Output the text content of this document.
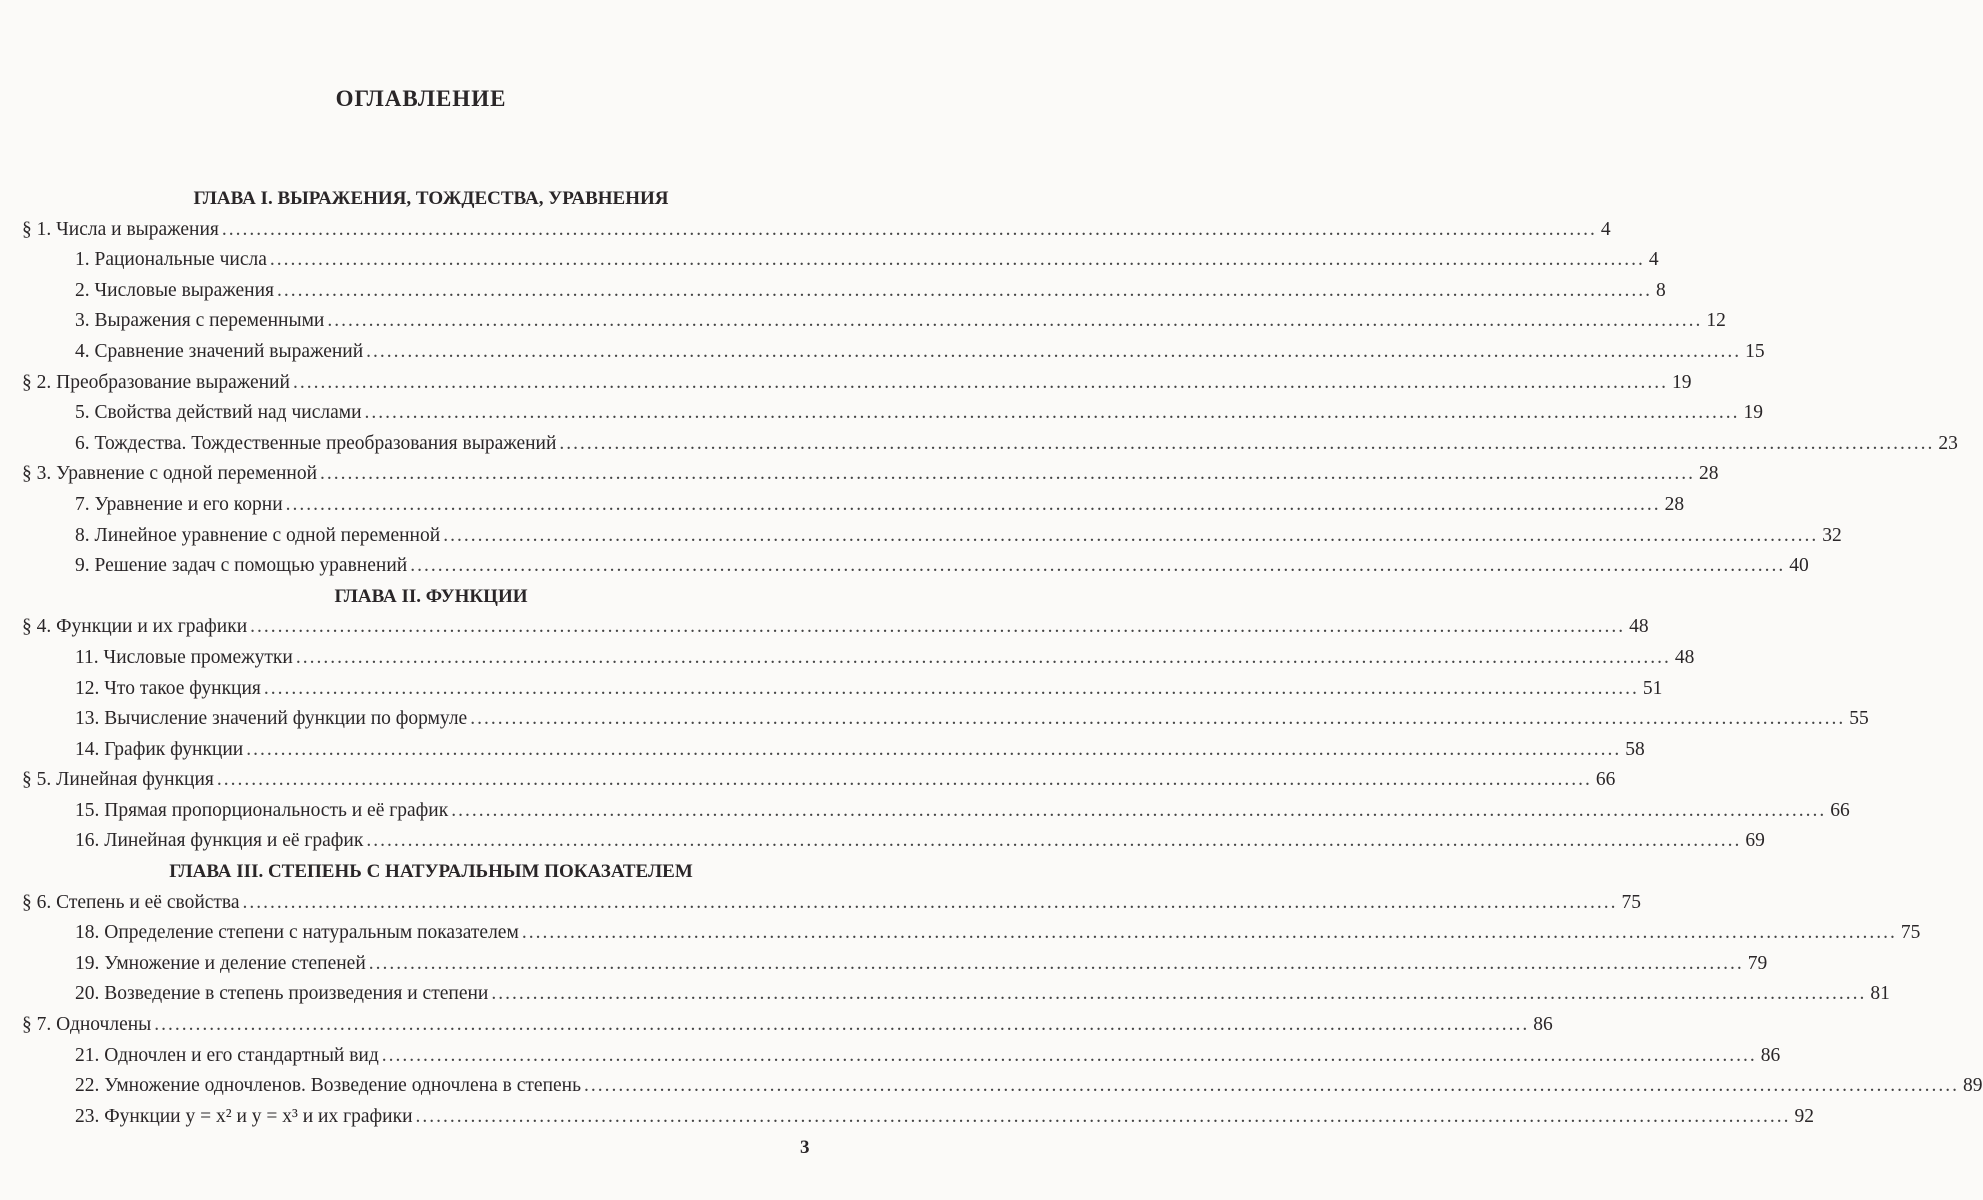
ОГЛАВЛЕНИЕ
ГЛАВА I. ВЫРАЖЕНИЯ, ТОЖДЕСТВА, УРАВНЕНИЯ
§ 1. Числа и выражения ........................................................................................................................................................................................................ 4
1. Рациональные числа ........................................................................................................................................................................................................ 4
2. Числовые выражения ........................................................................................................................................................................................................ 8
3. Выражения с переменными ........................................................................................................................................................................................................ 12
4. Сравнение значений выражений ........................................................................................................................................................................................................ 15
§ 2. Преобразование выражений ........................................................................................................................................................................................................ 19
5. Свойства действий над числами ........................................................................................................................................................................................................ 19
6. Тождества. Тождественные преобразования выражений ........................................................................................................................................................................................................ 23
§ 3. Уравнение с одной переменной ........................................................................................................................................................................................................ 28
7. Уравнение и его корни ........................................................................................................................................................................................................ 28
8. Линейное уравнение с одной переменной ........................................................................................................................................................................................................ 32
9. Решение задач с помощью уравнений ........................................................................................................................................................................................................ 40
ГЛАВА II. ФУНКЦИИ
§ 4. Функции и их графики ........................................................................................................................................................................................................ 48
11. Числовые промежутки ........................................................................................................................................................................................................ 48
12. Что такое функция ........................................................................................................................................................................................................ 51
13. Вычисление значений функции по формуле ........................................................................................................................................................................................................ 55
14. График функции ........................................................................................................................................................................................................ 58
§ 5. Линейная функция ........................................................................................................................................................................................................ 66
15. Прямая пропорциональность и её график ........................................................................................................................................................................................................ 66
16. Линейная функция и её график ........................................................................................................................................................................................................ 69
ГЛАВА III. СТЕПЕНЬ С НАТУРАЛЬНЫМ ПОКАЗАТЕЛЕМ
§ 6. Степень и её свойства ........................................................................................................................................................................................................ 75
18. Определение степени с натуральным показателем ........................................................................................................................................................................................................ 75
19. Умножение и деление степеней ........................................................................................................................................................................................................ 79
20. Возведение в степень произведения и степени ........................................................................................................................................................................................................ 81
§ 7. Одночлены ........................................................................................................................................................................................................ 86
21. Одночлен и его стандартный вид ........................................................................................................................................................................................................ 86
22. Умножение одночленов. Возведение одночлена в степень ........................................................................................................................................................................................................ 89
23. Функции y = x² и y = x³ и их графики ........................................................................................................................................................................................................ 92
3
